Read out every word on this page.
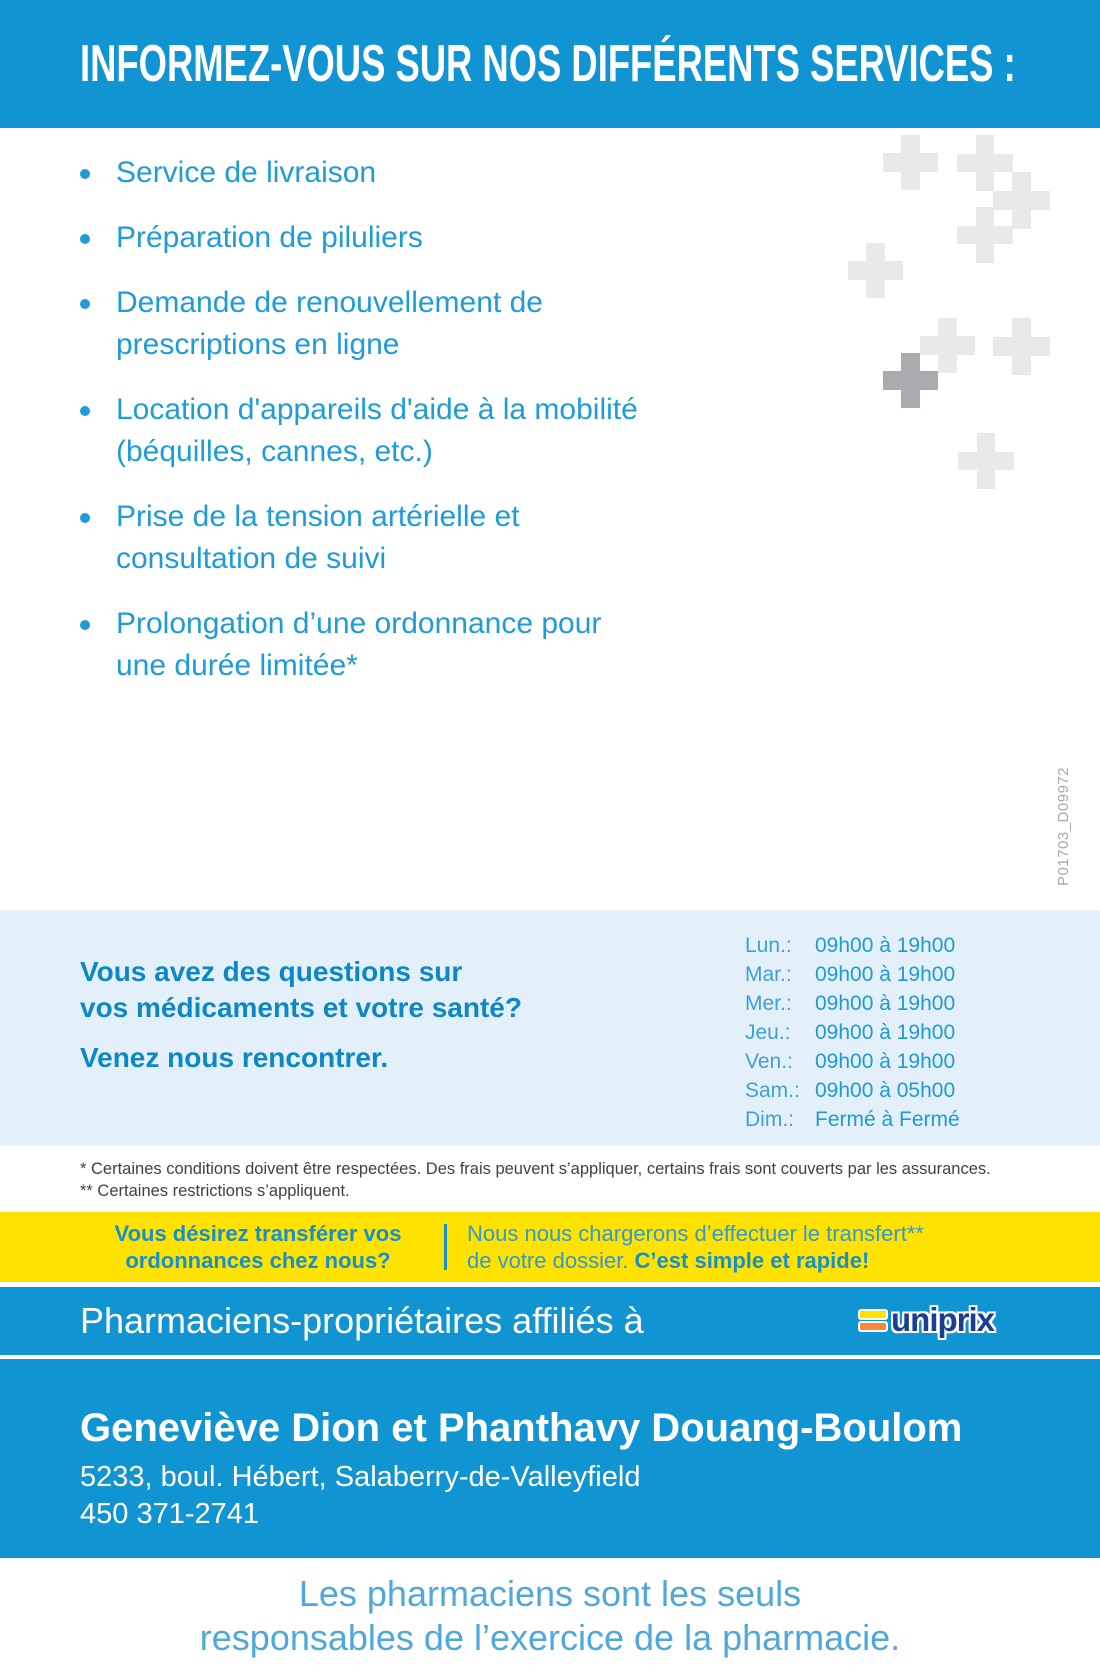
INFORMEZ-VOUS SUR NOS DIFFÉRENTS SERVICES :
Service de livraison
Préparation de piluliers
Demande de renouvellement de
prescriptions en ligne
Location d'appareils d'aide à la mobilité
(béquilles, cannes, etc.)
Prise de la tension artérielle et
consultation de suivi
Prolongation d’une ordonnance pour
une durée limitée*
P01703_D09972
Vous avez des questions sur
vos médicaments et votre santé?
Venez nous rencontrer.
Lun.:	09h00 à 19h00
Mar.:	09h00 à 19h00
Mer.:	09h00 à 19h00
Jeu.:	09h00 à 19h00
Ven.:	09h00 à 19h00
Sam.: 09h00 à 05h00
Dim.:	Fermé à Fermé
* Certaines conditions doivent être respectées. Des frais peuvent s’appliquer, certains frais sont couverts par les assurances.
** Certaines restrictions s’appliquent.
Vous désirez transférer vos
ordonnances chez nous?
Nous nous chargerons d’effectuer le transfert**
de votre dossier. C’est simple et rapide!
Pharmaciens-propriétaires affiliés à	uniprix
Geneviève Dion et Phanthavy Douang-Boulom
5233, boul. Hébert, Salaberry-de-Valleyfield
450 371-2741
Les pharmaciens sont les seuls
responsables de l’exercice de la pharmacie.
